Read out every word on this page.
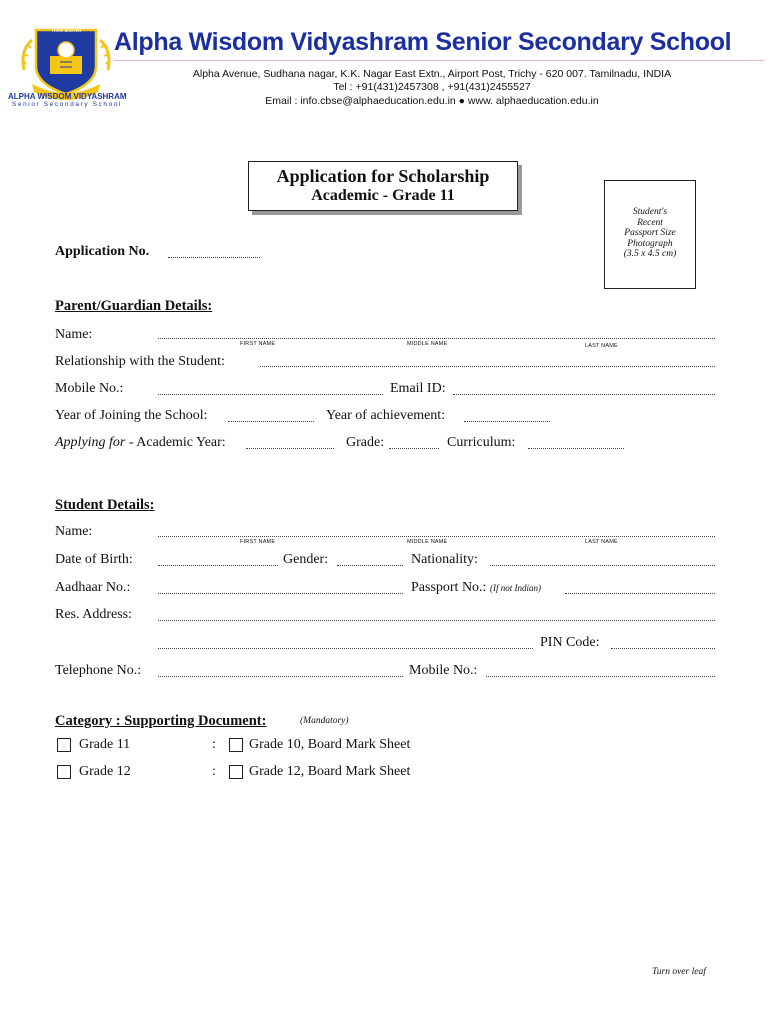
Think and Act
ALPHA WISDOM VIDYASHRAM
Senior Secondary School
Alpha Wisdom Vidyashram Senior Secondary School
Alpha Avenue, Sudhana nagar, K.K. Nagar East Extn., Airport Post, Trichy - 620 007. Tamilnadu, INDIA
Tel : +91(431)2457308 , +91(431)2455527
Email : info.cbse@alphaeducation.edu.in ● www. alphaeducation.edu.in
Application for Scholarship
Academic - Grade 11
Student's
Recent
Passport Size
Photograph
(3.5 x 4.5 cm)
Application No.
Parent/Guardian Details:
Name:
FIRST NAME	MIDDLE NAME	LAST NAME
Relationship with the Student:
Mobile No.:	Email ID:
Year of Joining the School:	Year of achievement:
Applying for - Academic Year:	Grade:	Curriculum:
Student Details:
Name:
FIRST NAME	MIDDLE NAME	LAST NAME
Date of Birth:	Gender:	Nationality:
Aadhaar No.:	Passport No.: (If not Indian)
Res. Address:
PIN Code:
Telephone No.:	Mobile No.:
Category : Supporting Document:	(Mandatory)
Grade 11	: Grade 10, Board Mark Sheet
Grade 12	: Grade 12, Board Mark Sheet
Turn over leaf
